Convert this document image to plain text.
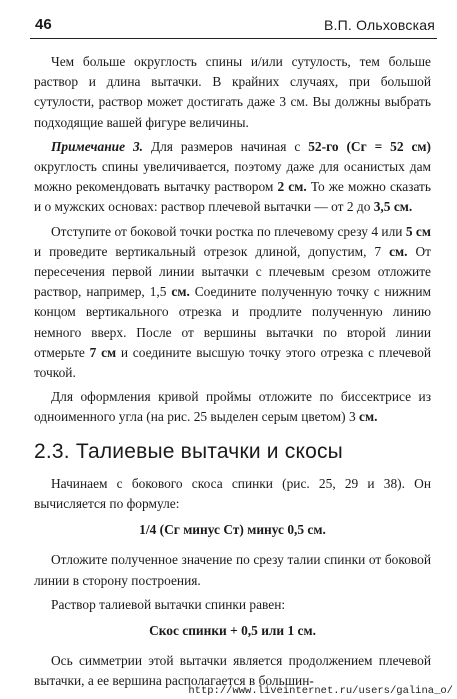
46	В.П. Ольховская

Чем больше округлость спины и/или сутулость, тем больше раствор и длина вытачки. В крайних случаях, при большой сутулости, раствор может достигать даже 3 см. Вы должны выбрать подходящие вашей фигуре величины.

Примечание 3. Для размеров начиная с 52-го (Сг = 52 см) округлость спины увеличивается, поэтому даже для осанистых дам можно рекомендовать вытачку раствором 2 см. То же можно сказать и о мужских основах: раствор плечевой вытачки — от 2 до 3,5 см.

Отступите от боковой точки ростка по плечевому срезу 4 или 5 см и проведите вертикальный отрезок длиной, допустим, 7 см. От пересечения первой линии вытачки с плечевым срезом отложите раствор, например, 1,5 см. Соедините полученную точку с нижним концом вертикального отрезка и продлите полученную линию немного вверх. После от вершины вытачки по второй линии отмерьте 7 см и соедините высшую точку этого отрезка с плечевой точкой.

Для оформления кривой проймы отложите по биссектрисе из одноименного угла (на рис. 25 выделен серым цветом) 3 см.

2.3. Талиевые вытачки и скосы

Начинаем с бокового скоса спинки (рис. 25, 29 и 38). Он вычисляется по формуле:

1/4 (Сг минус Ст) минус 0,5 см.

Отложите полученное значение по срезу талии спинки от боковой линии в сторону построения.

Раствор талиевой вытачки спинки равен:

Скос спинки + 0,5 или 1 см.

Ось симметрии этой вытачки является продолжением плечевой вытачки, а ее вершина располагается в большин-

http://www.liveinternet.ru/users/galina_o/
